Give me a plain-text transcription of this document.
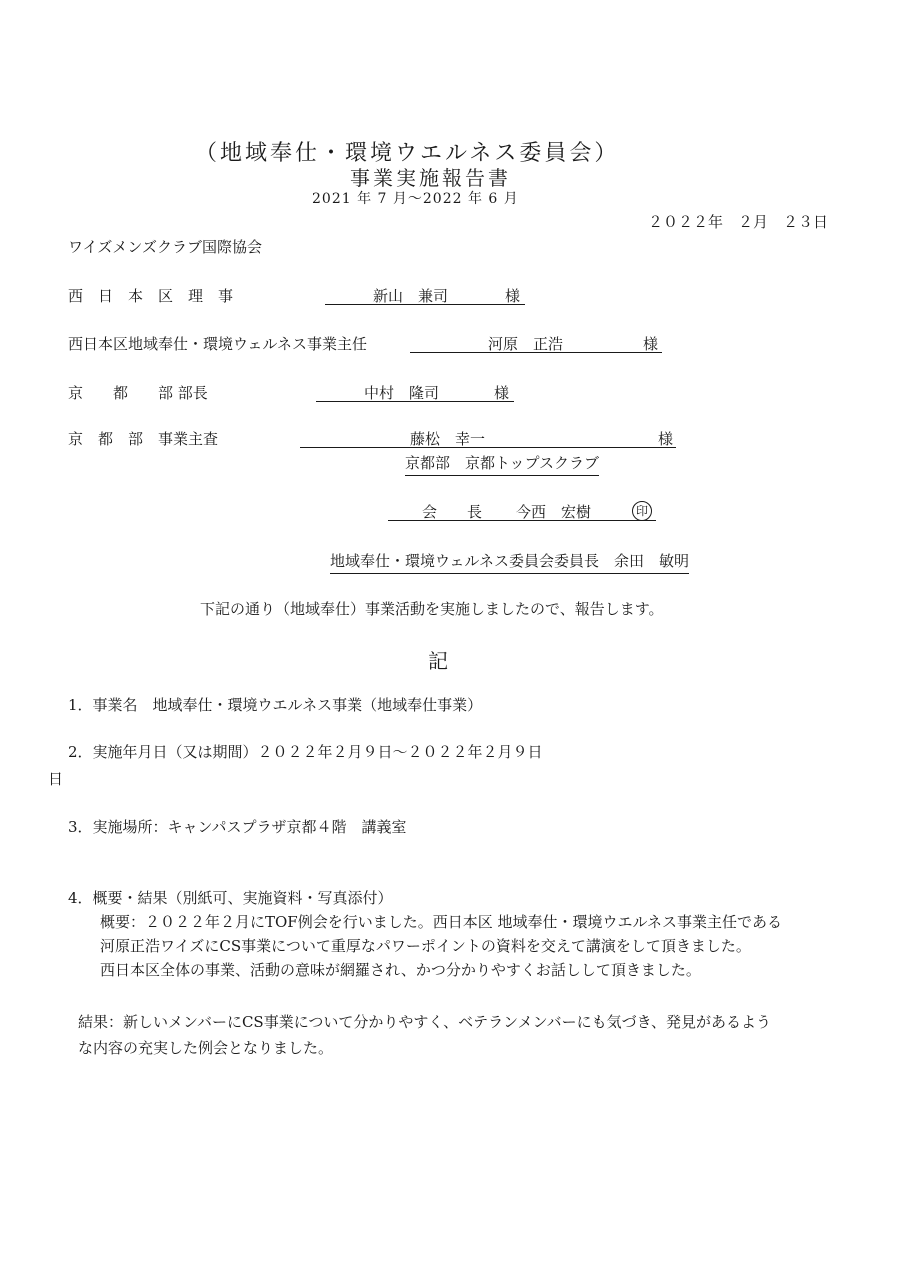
（地域奉仕・環境ウエルネス委員会）
事業実施報告書
2021 年 7 月〜2022 年 6 月
２０２２年　２月　２３日
ワイズメンズクラブ国際協会
西　日　本　区　理　事	新山　兼司	様
西日本区地域奉仕・環境ウェルネス事業主任	河原　正浩	様
京　　都　　部 部長	中村　隆司	様
京　都　部　事業主査	藤松　幸一	様
京都部　京都トップスクラブ
会　　長 今西　宏樹	印
地域奉仕・環境ウェルネス委員会委員長　余田　敏明
下記の通り（地域奉仕）事業活動を実施しましたので、報告します。
記
1．事業名　地域奉仕・環境ウエルネス事業（地域奉仕事業）
2．実施年月日（又は期間）２０２２年２月９日〜２０２２年２月９日
日
3．実施場所：キャンパスプラザ京都４階　講義室
4．概要・結果（別紙可、実施資料・写真添付）
概要：２０２２年２月にTOF例会を行いました。西日本区 地域奉仕・環境ウエルネス事業主任である
河原正浩ワイズにCS事業について重厚なパワーポイントの資料を交えて講演をして頂きました。
西日本区全体の事業、活動の意味が網羅され、かつ分かりやすくお話しして頂きました。
結果：新しいメンバーにCS事業について分かりやすく、ベテランメンバーにも気づき、発見があるよう
な内容の充実した例会となりました。
